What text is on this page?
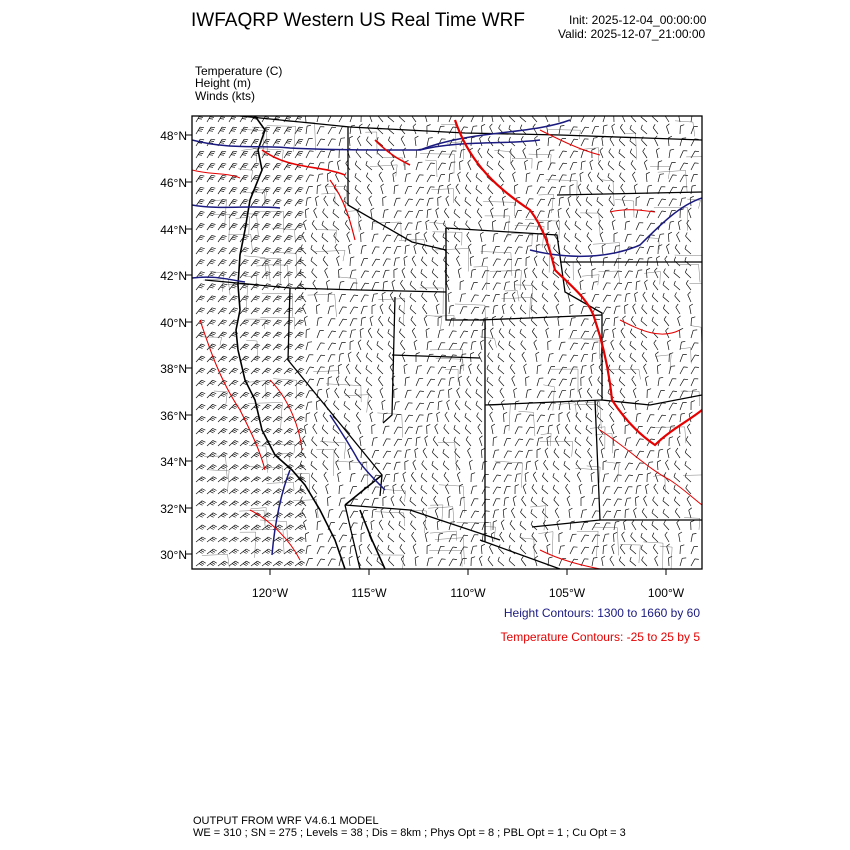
IWFAQRP Western US Real Time WRF	Init: 2025-12-04_00:00:00
Valid: 2025-12-07_21:00:00
Temperature (C)
Height (m)
Winds (kts)
48°N
46°N
44°N
42°N
40°N
38°N
36°N
34°N
32°N
30°N
120°W	115°W	110°W	105°W	100°W
Height Contours: 1300 to 1660 by 60
Temperature Contours: -25 to 25 by 5
OUTPUT FROM WRF V4.6.1 MODEL
WE = 310 ; SN = 275 ; Levels = 38 ; Dis = 8km ; Phys Opt = 8 ; PBL Opt = 1 ; Cu Opt = 3
